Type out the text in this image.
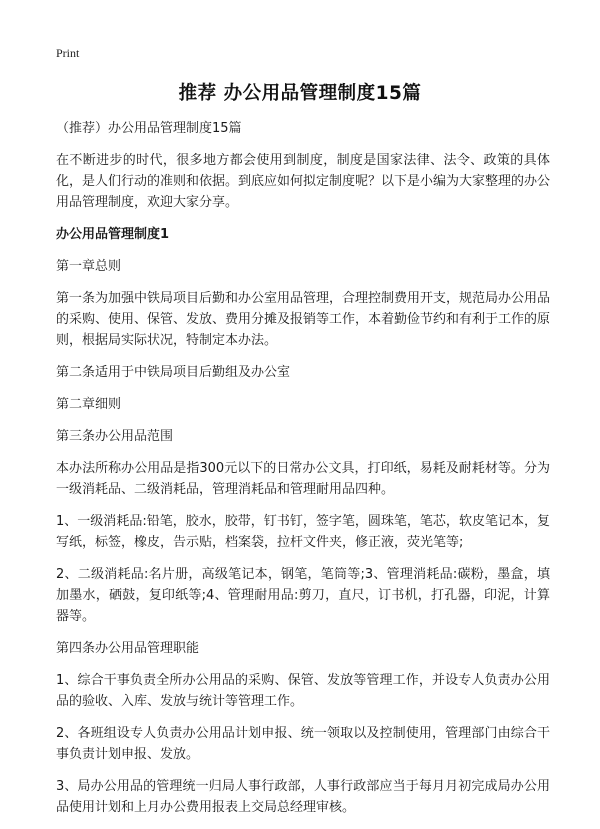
Print
推荐 办公用品管理制度15篇

（推荐）办公用品管理制度15篇

在不断进步的时代，很多地方都会使用到制度，制度是国家法律、法令、政策的具体化，是人们行动的准则和依据。到底应如何拟定制度呢？以下是小编为大家整理的办公用品管理制度，欢迎大家分享。

办公用品管理制度1

第一章总则

第一条为加强中铁局项目后勤和办公室用品管理，合理控制费用开支，规范局办公用品的采购、使用、保管、发放、费用分摊及报销等工作，本着勤俭节约和有利于工作的原则，根据局实际状况，特制定本办法。

第二条适用于中铁局项目后勤组及办公室

第二章细则

第三条办公用品范围

本办法所称办公用品是指300元以下的日常办公文具，打印纸，易耗及耐耗材等。分为一级消耗品、二级消耗品，管理消耗品和管理耐用品四种。

1、一级消耗品:铅笔，胶水，胶带，钉书钉，签字笔，圆珠笔，笔芯，软皮笔记本，复写纸，标签，橡皮，告示贴，档案袋，拉杆文件夹，修正液，荧光笔等;

2、二级消耗品:名片册，高级笔记本，钢笔，笔筒等;3、管理消耗品:碳粉，墨盒，填加墨水，硒鼓，复印纸等;4、管理耐用品:剪刀，直尺，订书机，打孔器，印泥，计算器等。

第四条办公用品管理职能

1、综合干事负责全所办公用品的采购、保管、发放等管理工作，并设专人负责办公用品的验收、入库、发放与统计等管理工作。

2、各班组设专人负责办公用品计划申报、统一领取以及控制使用，管理部门由综合干事负责计划申报、发放。

3、局办公用品的管理统一归局人事行政部，人事行政部应当于每月月初完成局办公用品使用计划和上月办公费用报表上交局总经理审核。
